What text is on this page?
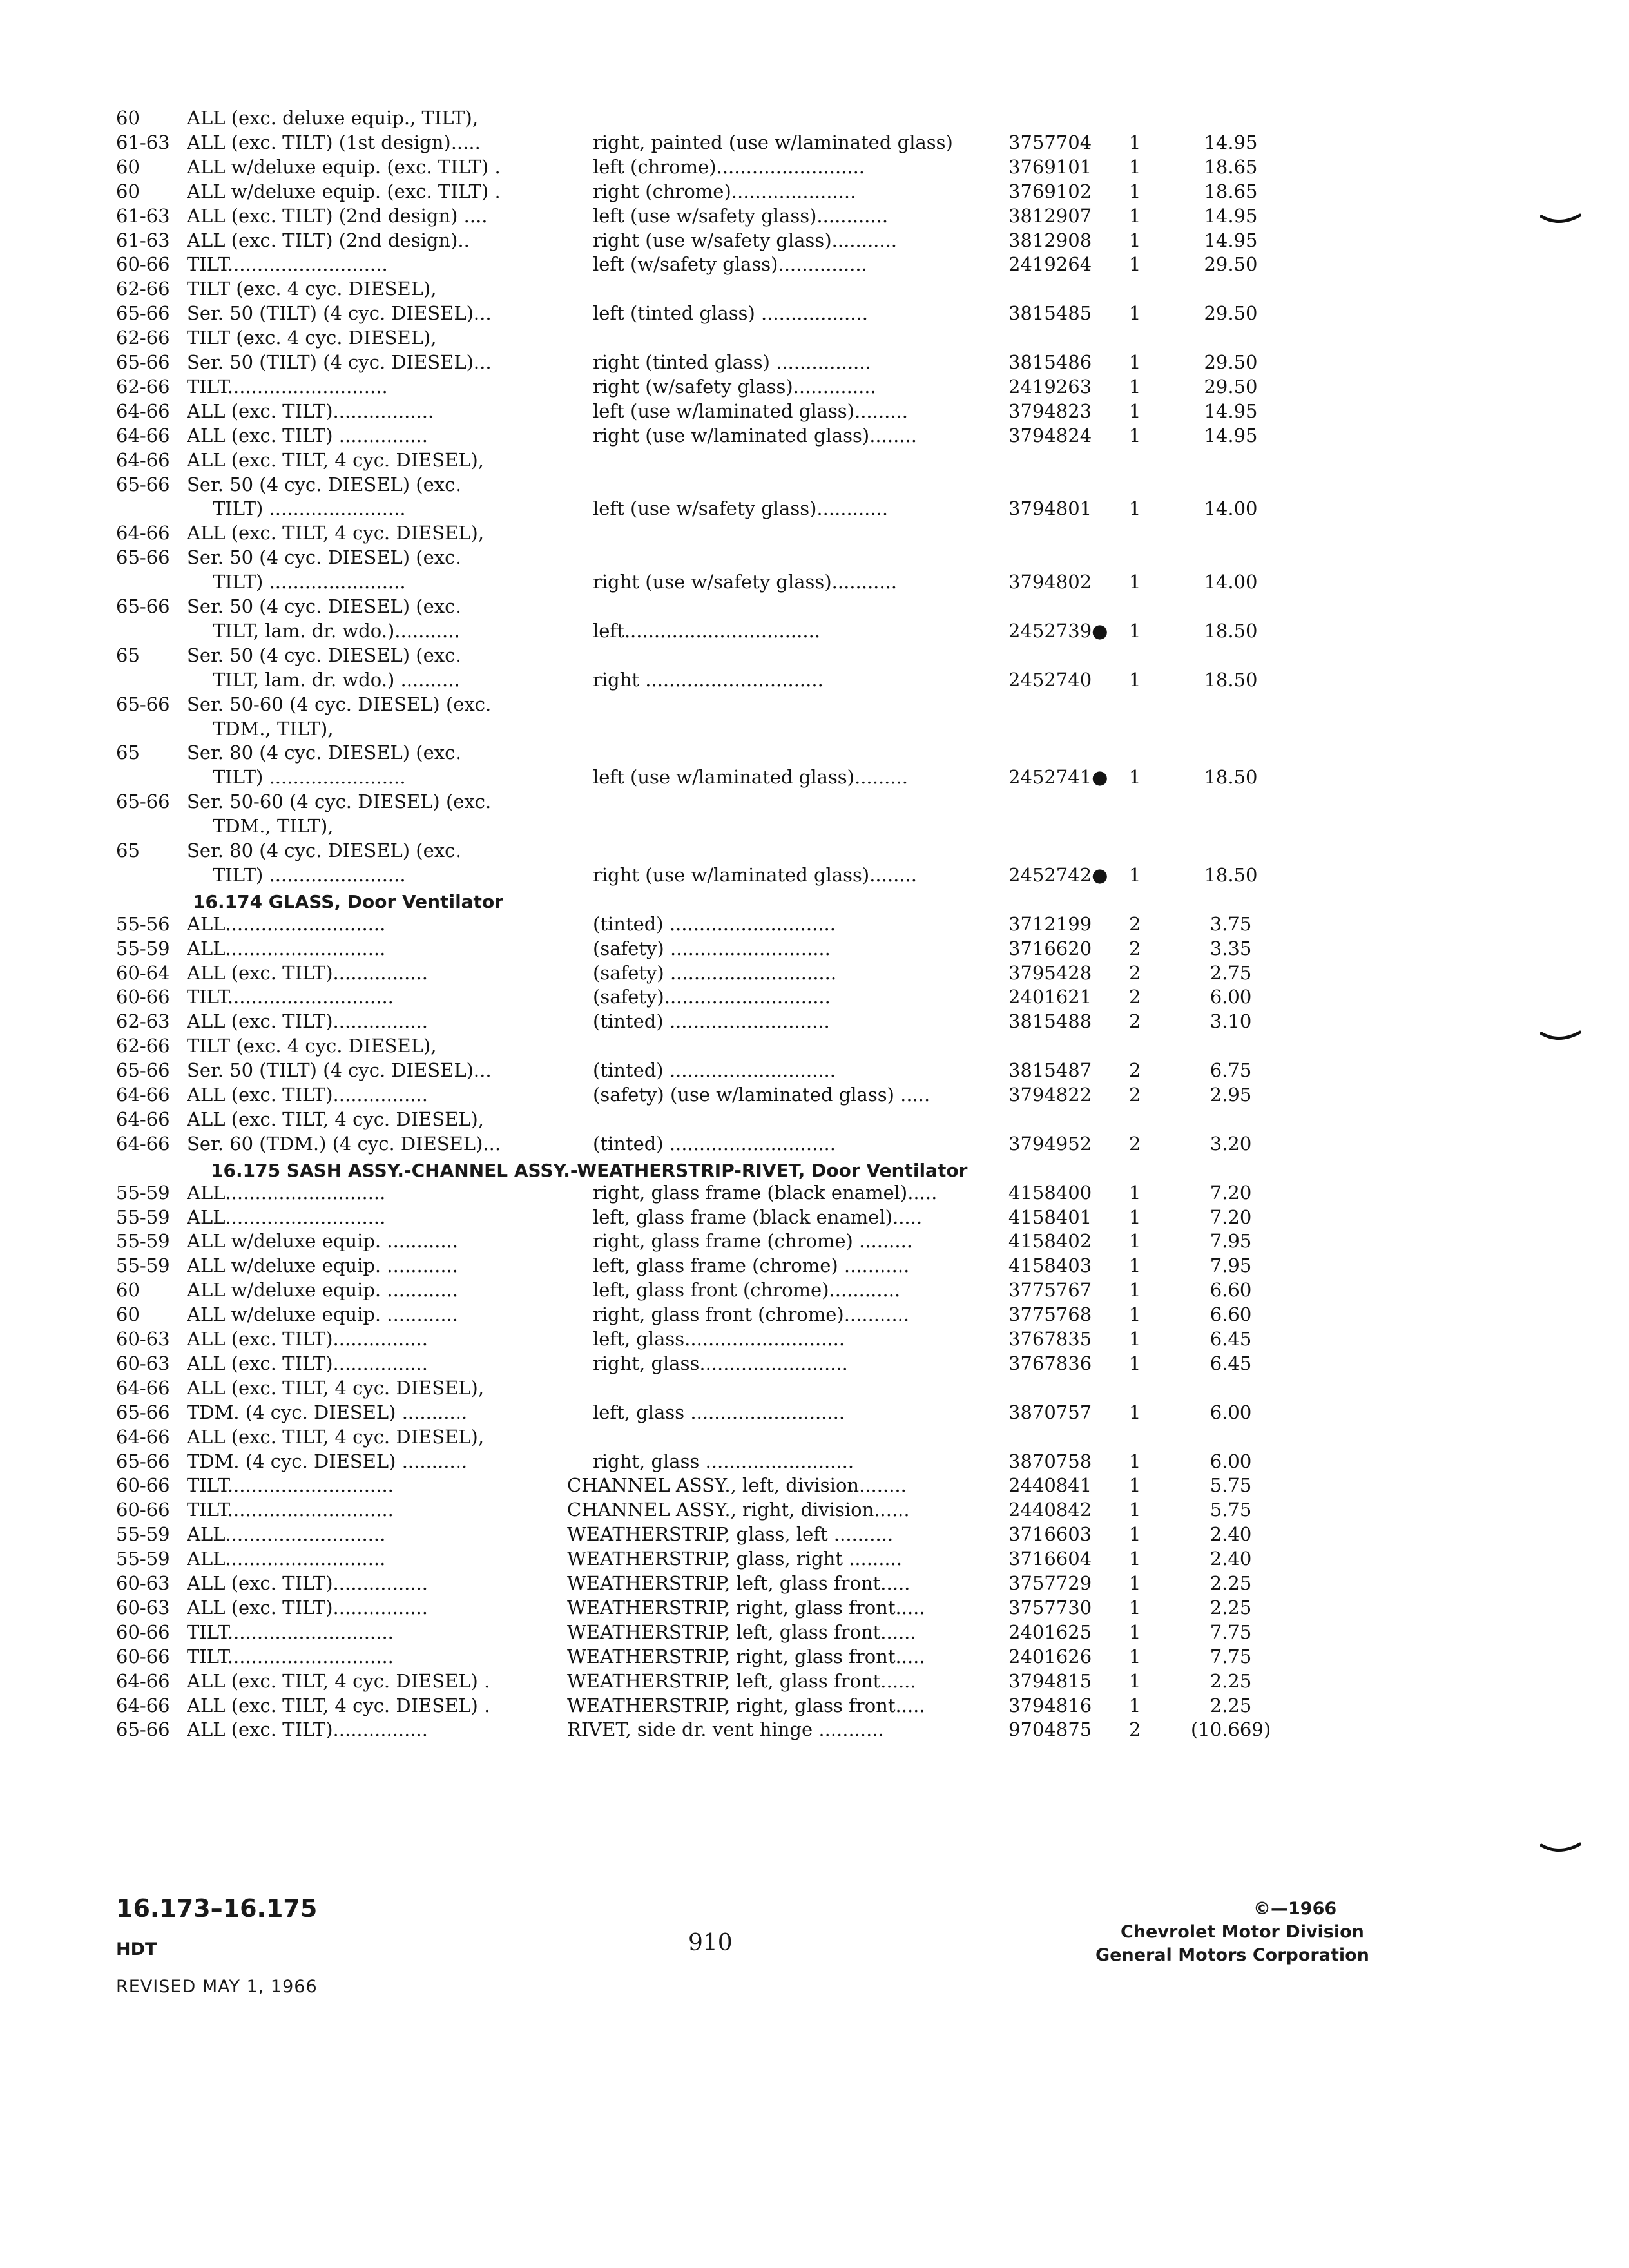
60	ALL (exc. deluxe equip., TILT),
61-63 ALL (exc. TILT) (1st design).....	right, painted (use w/laminated glass)	3757704 1	14.95
60	ALL w/deluxe equip. (exc. TILT) .	left (chrome).........................	3769101 1	18.65
60	ALL w/deluxe equip. (exc. TILT) .	right (chrome).....................	3769102 1	18.65
61-63 ALL (exc. TILT) (2nd design) ....	left (use w/safety glass)............	3812907 1	14.95
61-63 ALL (exc. TILT) (2nd design)..	right (use w/safety glass)...........	3812908 1	14.95
60-66 TILT...........................	left (w/safety glass)...............	2419264 1	29.50
62-66 TILT (exc. 4 cyc. DIESEL),
65-66 Ser. 50 (TILT) (4 cyc. DIESEL)...	left (tinted glass) ..................	3815485 1	29.50
62-66 TILT (exc. 4 cyc. DIESEL),
65-66 Ser. 50 (TILT) (4 cyc. DIESEL)...	right (tinted glass) ................	3815486 1	29.50
62-66 TILT...........................	right (w/safety glass)..............	2419263 1	29.50
64-66 ALL (exc. TILT).................	left (use w/laminated glass).........	3794823 1	14.95
64-66 ALL (exc. TILT) ...............	right (use w/laminated glass)........	3794824 1	14.95
64-66 ALL (exc. TILT, 4 cyc. DIESEL),
65-66 Ser. 50 (4 cyc. DIESEL) (exc.
TILT) .......................	left (use w/safety glass)............	3794801 1	14.00
64-66 ALL (exc. TILT, 4 cyc. DIESEL),
65-66 Ser. 50 (4 cyc. DIESEL) (exc.
TILT) .......................	right (use w/safety glass)...........	3794802 1	14.00
65-66 Ser. 50 (4 cyc. DIESEL) (exc.
TILT, lam. dr. wdo.)...........	left.................................	2452739● 1	18.50
65	Ser. 50 (4 cyc. DIESEL) (exc.
TILT, lam. dr. wdo.) ..........	right ..............................	2452740 1	18.50
65-66 Ser. 50-60 (4 cyc. DIESEL) (exc.
TDM., TILT),
65	Ser. 80 (4 cyc. DIESEL) (exc.
TILT) .......................	left (use w/laminated glass).........	2452741● 1	18.50
65-66 Ser. 50-60 (4 cyc. DIESEL) (exc.
TDM., TILT),
65	Ser. 80 (4 cyc. DIESEL) (exc.
TILT) .......................	right (use w/laminated glass)........	2452742● 1	18.50
16.174 GLASS, Door Ventilator
55-56 ALL...........................	(tinted) ............................	3712199 2	3.75
55-59 ALL...........................	(safety) ...........................	3716620 2	3.35
60-64 ALL (exc. TILT)................	(safety) ............................	3795428 2	2.75
60-66 TILT............................	(safety)............................	2401621 2	6.00
62-63 ALL (exc. TILT)................	(tinted) ...........................	3815488 2	3.10
62-66 TILT (exc. 4 cyc. DIESEL),
65-66 Ser. 50 (TILT) (4 cyc. DIESEL)...	(tinted) ............................	3815487 2	6.75
64-66 ALL (exc. TILT)................	(safety) (use w/laminated glass) .....	3794822 2	2.95
64-66 ALL (exc. TILT, 4 cyc. DIESEL),
64-66 Ser. 60 (TDM.) (4 cyc. DIESEL)...	(tinted) ............................	3794952 2	3.20
16.175 SASH ASSY.-CHANNEL ASSY.-WEATHERSTRIP-RIVET, Door Ventilator
55-59 ALL...........................	right, glass frame (black enamel).....	4158400 1	7.20
55-59 ALL...........................	left, glass frame (black enamel).....	4158401 1	7.20
55-59 ALL w/deluxe equip. ............	right, glass frame (chrome) .........	4158402 1	7.95
55-59 ALL w/deluxe equip. ............	left, glass frame (chrome) ...........	4158403 1	7.95
60	ALL w/deluxe equip. ............	left, glass front (chrome)............	3775767 1	6.60
60	ALL w/deluxe equip. ............	right, glass front (chrome)...........	3775768 1	6.60
60-63 ALL (exc. TILT)................	left, glass...........................	3767835 1	6.45
60-63 ALL (exc. TILT)................	right, glass.........................	3767836 1	6.45
64-66 ALL (exc. TILT, 4 cyc. DIESEL),
65-66 TDM. (4 cyc. DIESEL) ...........	left, glass ..........................	3870757 1	6.00
64-66 ALL (exc. TILT, 4 cyc. DIESEL),
65-66 TDM. (4 cyc. DIESEL) ...........	right, glass .........................	3870758 1	6.00
60-66 TILT............................	CHANNEL ASSY., left, division........	2440841 1	5.75
60-66 TILT............................	CHANNEL ASSY., right, division......	2440842 1	5.75
55-59 ALL...........................	WEATHERSTRIP, glass, left ..........	3716603 1	2.40
55-59 ALL...........................	WEATHERSTRIP, glass, right .........	3716604 1	2.40
60-63 ALL (exc. TILT)................	WEATHERSTRIP, left, glass front.....	3757729 1	2.25
60-63 ALL (exc. TILT)................	WEATHERSTRIP, right, glass front.....	3757730 1	2.25
60-66 TILT............................	WEATHERSTRIP, left, glass front......	2401625 1	7.75
60-66 TILT............................	WEATHERSTRIP, right, glass front.....	2401626 1	7.75
64-66 ALL (exc. TILT, 4 cyc. DIESEL) .	WEATHERSTRIP, left, glass front......	3794815 1	2.25
64-66 ALL (exc. TILT, 4 cyc. DIESEL) .	WEATHERSTRIP, right, glass front.....	3794816 1	2.25
65-66 ALL (exc. TILT)................	RIVET, side dr. vent hinge ...........	9704875 2	(10.669)
16.173–16.175
HDT
REVISED MAY 1, 1966
910
©—1966
Chevrolet Motor Division
General Motors Corporation
